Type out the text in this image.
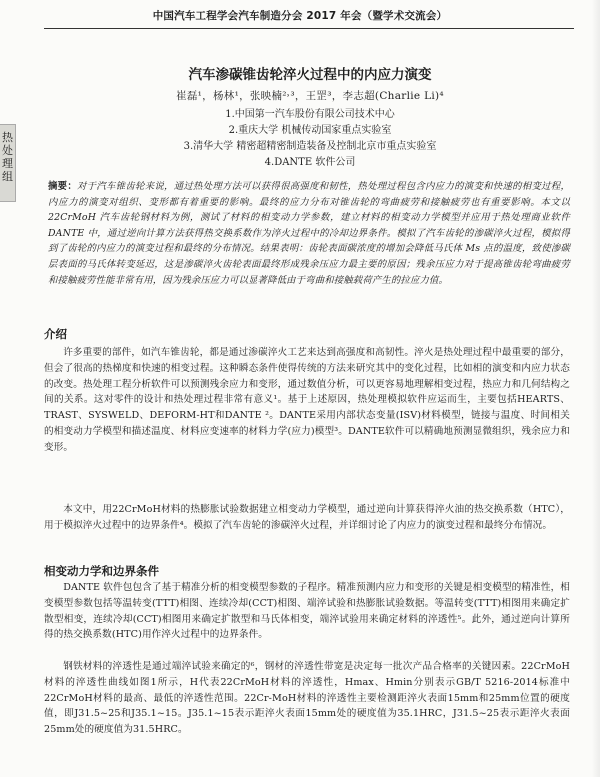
中国汽车工程学会汽车制造分会 2017 年会（暨学术交流会）
热
处
理
组
汽车渗碳锥齿轮淬火过程中的内应力演变
崔磊¹，杨林¹，张映楠²˒³，王罡³，李志超(Charlie Li)⁴
1.中国第一汽车股份有限公司技术中心
2.重庆大学 机械传动国家重点实验室
3.清华大学 精密超精密制造装备及控制北京市重点实验室
4.DANTE 软件公司
摘要：对于汽车锥齿轮来说，通过热处理方法可以获得很高强度和韧性，热处理过程包含内应力的演变和快速的相变过程，内应力的演变对组织、变形都有着重要的影响。最终的应力分布对锥齿轮的弯曲疲劳和接触疲劳也有重要影响。本文以 22CrMoH 汽车齿轮钢材料为例，测试了材料的相变动力学参数，建立材料的相变动力学模型并应用于热处理商业软件 DANTE 中，通过逆向计算方法获得热交换系数作为淬火过程中的冷却边界条件。模拟了汽车齿轮的渗碳淬火过程，模拟得到了齿轮的内应力的演变过程和最终的分布情况。结果表明：齿轮表面碳浓度的增加会降低马氏体 Ms 点的温度，致使渗碳层表面的马氏体转变延迟，这是渗碳淬火齿轮表面最终形成残余压应力最主要的原因；残余压应力对于提高锥齿轮弯曲疲劳和接触疲劳性能非常有用，因为残余压应力可以显著降低由于弯曲和接触载荷产生的拉应力值。
介绍
许多重要的部件，如汽车锥齿轮，都是通过渗碳淬火工艺来达到高强度和高韧性。淬火是热处理过程中最重要的部分，但会了很高的热梯度和快速的相变过程。这种瞬态条件使得传统的方法来研究其中的变化过程，比如相的演变和内应力状态的改变。热处理工程分析软件可以预测残余应力和变形，通过数值分析，可以更容易地理解相变过程，热应力和几何结构之间的关系。这对零件的设计和热处理过程非常有意义¹。基于上述原因，热处理模拟软件应运而生，主要包括HEARTS、TRAST、SYSWELD、DEFORM-HT和DANTE ²。DANTE采用内部状态变量(ISV)材料模型，链接与温度、时间相关的相变动力学模型和描述温度、材料应变速率的材料力学(应力)模型³。DANTE软件可以精确地预测显微组织，残余应力和变形。
本文中，用22CrMoH材料的热膨胀试验数据建立相变动力学模型，通过逆向计算获得淬火油的热交换系数（HTC），用于模拟淬火过程中的边界条件⁴。模拟了汽车齿轮的渗碳淬火过程，并详细讨论了内应力的演变过程和最终分布情况。
相变动力学和边界条件
DANTE 软件包包含了基于精准分析的相变模型参数的子程序。精准预测内应力和变形的关键是相变模型的精准性，相变模型参数包括等温转变(TTT)相图、连续冷却(CCT)相图、端淬试验和热膨胀试验数据。等温转变(TTT)相图用来确定扩散型相变，连续冷却(CCT)相图用来确定扩散型和马氏体相变，端淬试验用来确定材料的淬透性⁵。此外，通过逆向计算所得的热交换系数(HTC)用作淬火过程中的边界条件。
钢铁材料的淬透性是通过端淬试验来确定的⁶，钢材的淬透性带宽是决定每一批次产品合格率的关键因素。22CrMoH材料的淬透性曲线如图1所示，H代表22CrMoH材料的淬透性，Hmax、Hmin分别表示GB/T 5216-2014标准中22CrMoH材料的最高、最低的淬透性范围。22Cr-MoH材料的淬透性主要检测距淬火表面15mm和25mm位置的硬度值，即J31.5~25和J35.1~15。J35.1~15表示距淬火表面15mm处的硬度值为35.1HRC，J31.5~25表示距淬火表面25mm处的硬度值为31.5HRC。
